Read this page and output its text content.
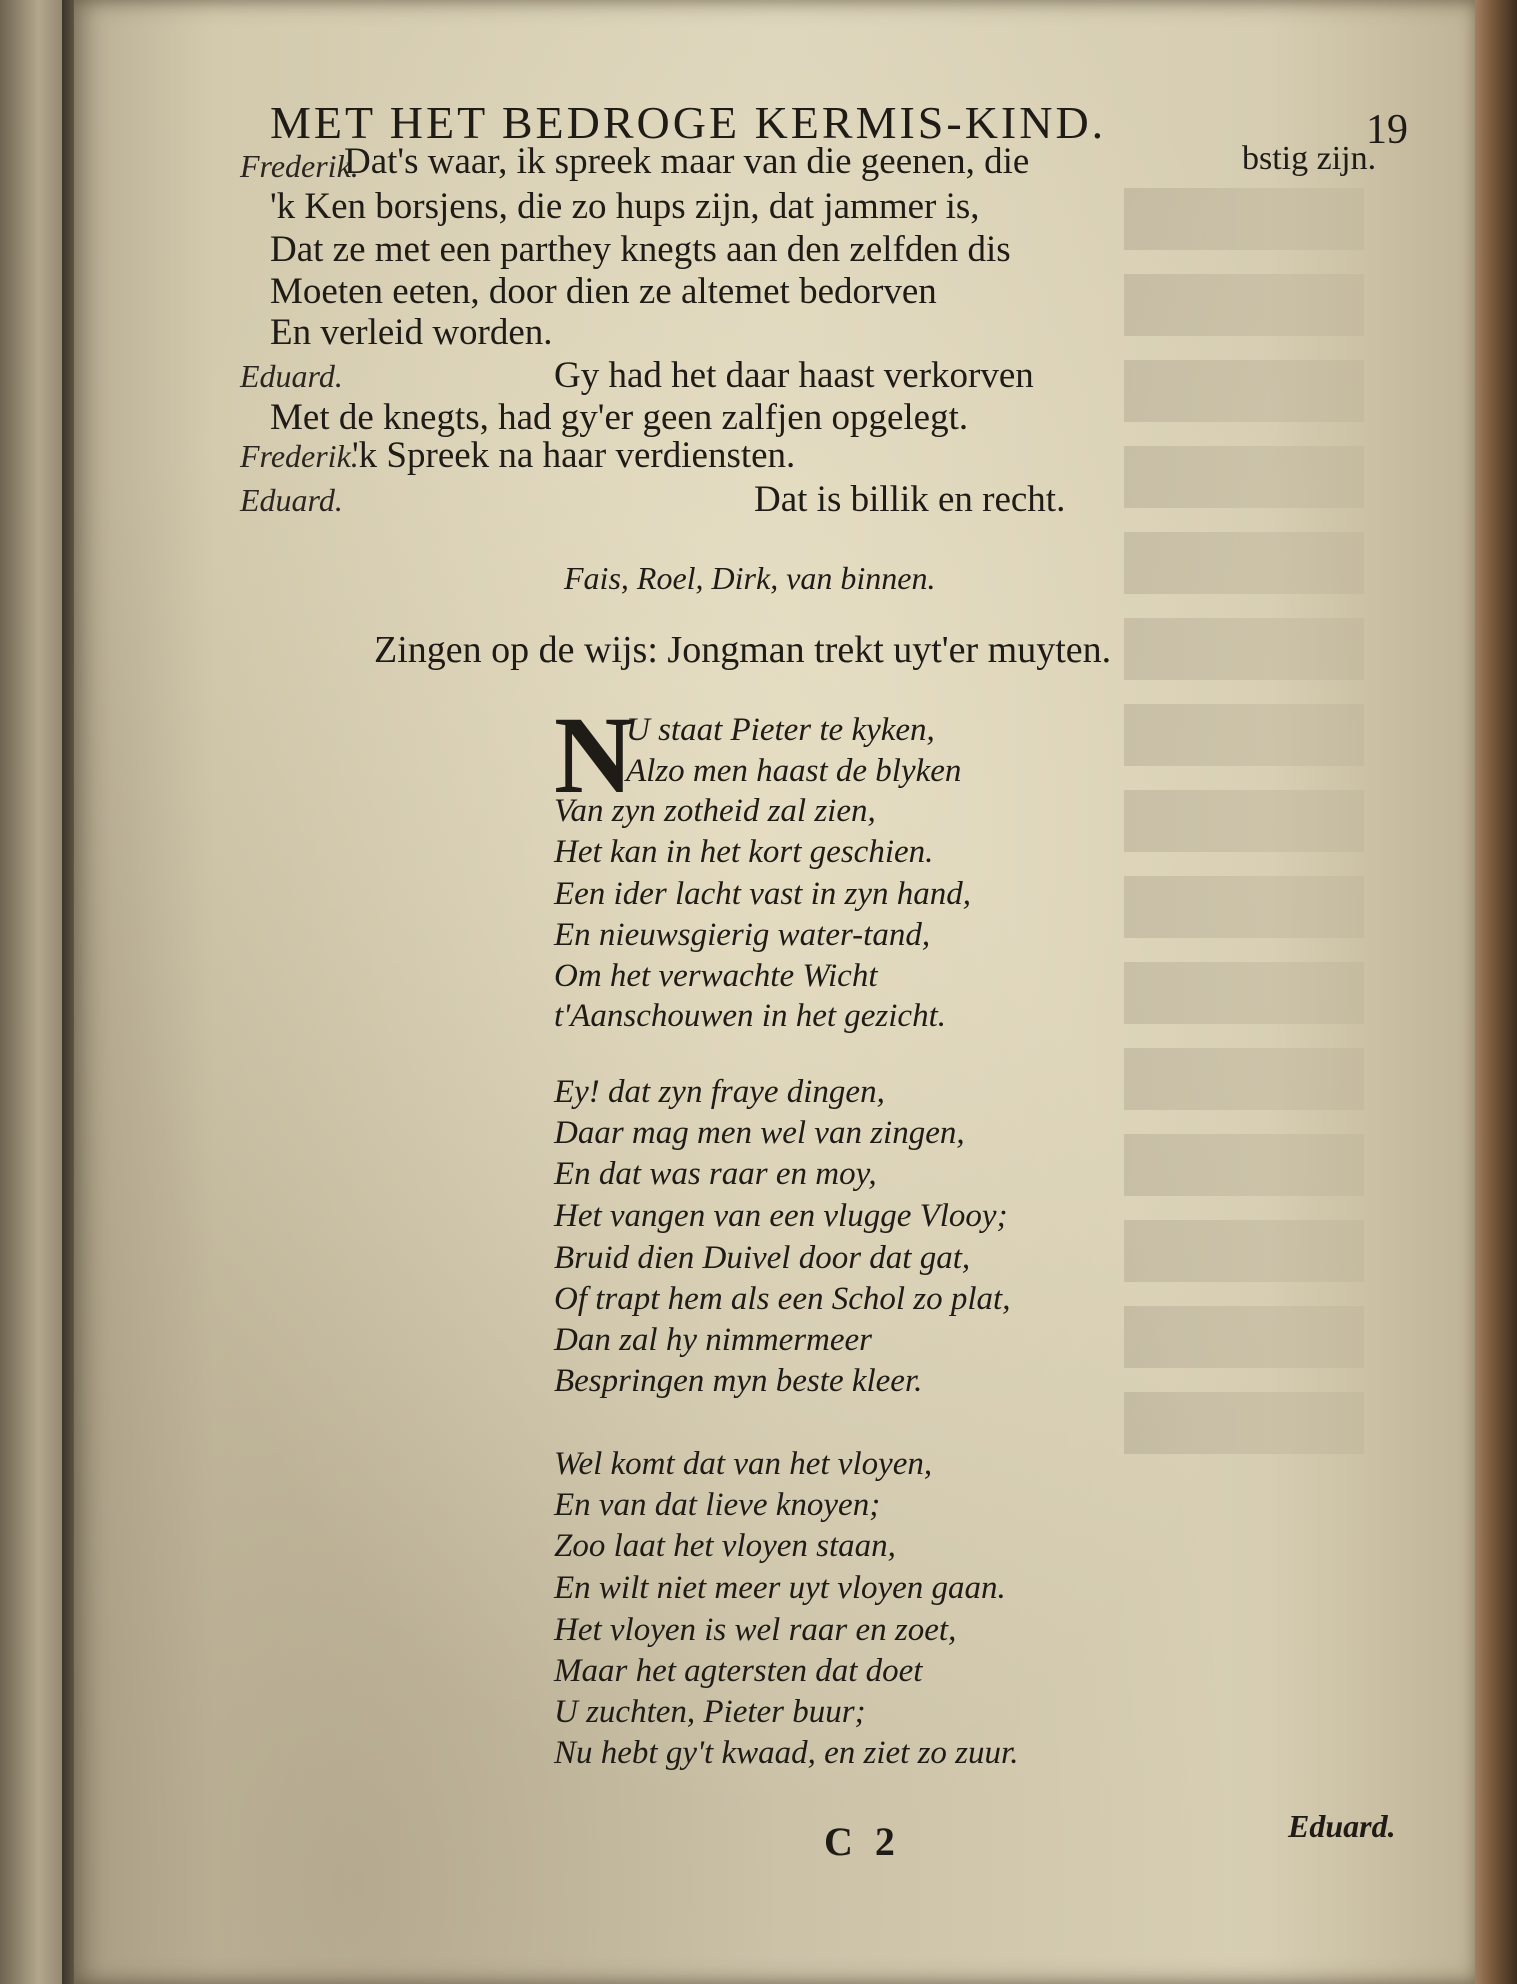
MET HET BEDROGE KERMIS-KIND.	19
bstig zijn.
Frederik.
Dat's waar, ik spreek maar van die geenen, die
'k Ken borsjens, die zo hups zijn, dat jammer is,
Dat ze met een parthey knegts aan den zelfden dis
Moeten eeten, door dien ze altemet bedorven
En verleid worden.
Eduard.	Gy had het daar haast verkorven
Met de knegts, had gy'er geen zalfjen opgelegt.
Frederik.
'k Spreek na haar verdiensten.
Eduard.	Dat is billik en recht.
Fais, Roel, Dirk, van binnen.
Zingen op de wijs: Jongman trekt uyt'er muyten.
N
U staat Pieter te kyken,
Alzo men haast de blyken
Van zyn zotheid zal zien,
Het kan in het kort geschien.
Een ider lacht vast in zyn hand,
En nieuwsgierig water-tand,
Om het verwachte Wicht
t'Aanschouwen in het gezicht.
Ey! dat zyn fraye dingen,
Daar mag men wel van zingen,
En dat was raar en moy,
Het vangen van een vlugge Vlooy;
Bruid dien Duivel door dat gat,
Of trapt hem als een Schol zo plat,
Dan zal hy nimmermeer
Bespringen myn beste kleer.
Wel komt dat van het vloyen,
En van dat lieve knoyen;
Zoo laat het vloyen staan,
En wilt niet meer uyt vloyen gaan.
Het vloyen is wel raar en zoet,
Maar het agtersten dat doet
U zuchten, Pieter buur;
Nu hebt gy't kwaad, en ziet zo zuur.
C 2	Eduard.
